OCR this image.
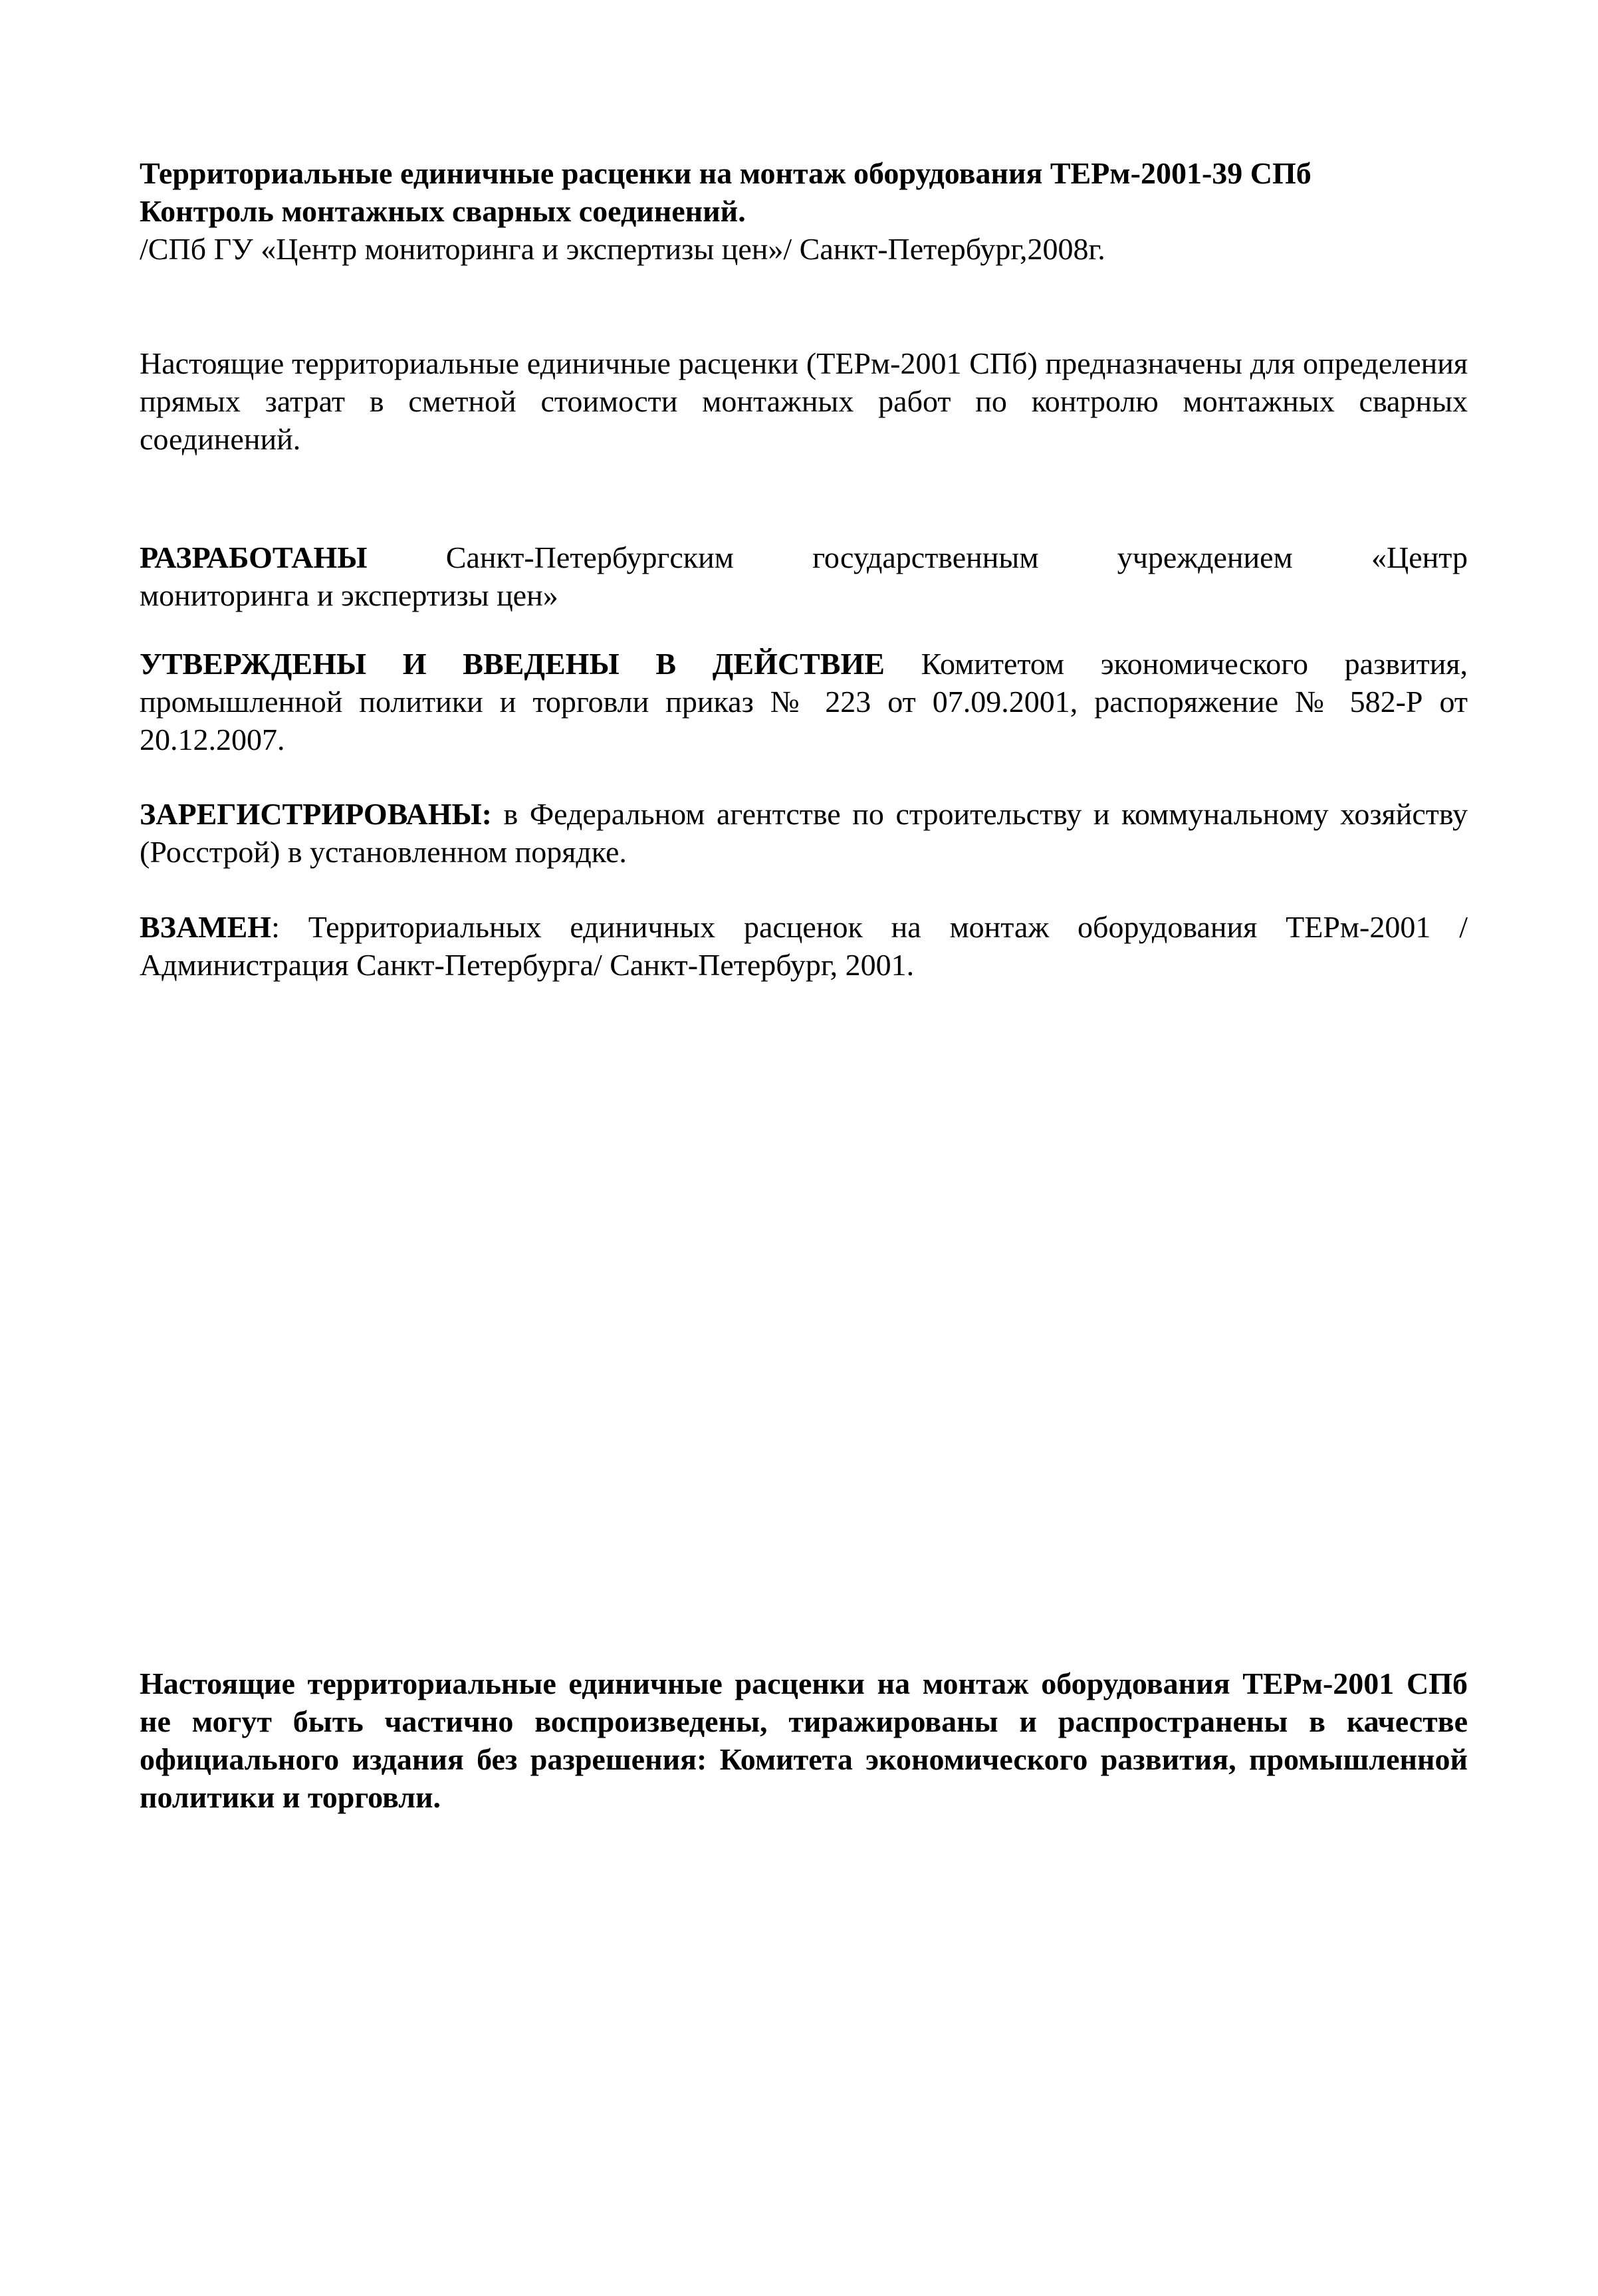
Территориальные единичные расценки на монтаж оборудования ТЕРм-2001-39 СПб
Контроль монтажных сварных соединений.
/СПб ГУ «Центр мониторинга и экспертизы цен»/ Санкт-Петербург,2008г.
Настоящие территориальные единичные расценки (ТЕРм-2001 СПб) предназначены для определения прямых затрат в сметной стоимости монтажных работ по контролю монтажных сварных соединений.
РАЗРАБОТАНЫ	Санкт-Петербургским	государственным	учреждением	«Центр
мониторинга и экспертизы цен»
УТВЕРЖДЕНЫ И ВВЕДЕНЫ В ДЕЙСТВИЕ Комитетом экономического развития, промышленной политики и торговли приказ № 223 от 07.09.2001, распоряжение № 582-Р от 20.12.2007.
ЗАРЕГИСТРИРОВАНЫ: в Федеральном агентстве по строительству и коммунальному хозяйству (Росстрой) в установленном порядке.
ВЗАМЕН: Территориальных единичных расценок на монтаж оборудования ТЕРм-2001 /Администрация Санкт-Петербурга/ Санкт-Петербург, 2001.
Настоящие территориальные единичные расценки на монтаж оборудования ТЕРм-2001 СПб не могут быть частично воспроизведены, тиражированы и распространены в качестве официального издания без разрешения: Комитета экономического развития, промышленной политики и торговли.
